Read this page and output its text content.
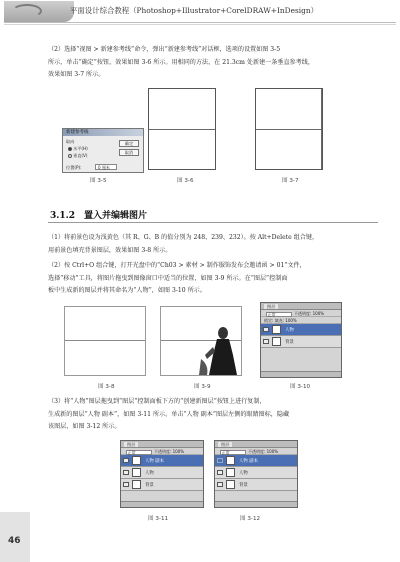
平面设计综合教程（Photoshop+Illustrator+CorelDRAW+InDesign）
（2）选择“视图 > 新建参考线”命令，弹出“新建参考线”对话框，选项的设置如图 3-5
所示，单击“确定”按钮，效果如图 3-6 所示。用相同的方法，在 21.3cm 处新建一条垂直参考线，
效果如图 3-7 所示。
新建参考线
取向
水平(H)
垂直(V)
位置(P):	0 厘米
确定
取消
图 3-5	图 3-6	图 3-7
3.1.2　置入并编辑图片
（1）将前景色设为浅黄色（其 R、G、B 的值分别为 248、239、232）。按 Alt+Delete 组合键，
用前景色填充背景图层，效果如图 3-8 所示。
（2）按 Ctrl+O 组合键，打开光盘中的“Ch03 > 素材 > 制作服饰发布会邀请函 > 01”文件，
选择“移动”工具，将图片拖曳到图像窗口中适当的位置，如图 3-9 所示。在“图层”控制面
板中生成新的图层并将其命名为“人物”，如图 3-10 所示。
图层
正常	不透明度: 100%
锁定: 填充: 100%
人物
背景
图 3-8	图 3-9	图 3-10
（3）将“人物”图层拖曳到“图层”控制面板下方的“创建新图层”按钮上进行复制，
生成新的图层“人物 副本”，如图 3-11 所示。单击“人物 副本”图层左侧的眼睛图标，隐藏
该图层，如图 3-12 所示。
图层
正常	不透明度: 100%
人物 副本
人物
背景
图层
正常	不透明度: 100%
人物 副本
人物
背景
图 3-11	图 3-12
46
